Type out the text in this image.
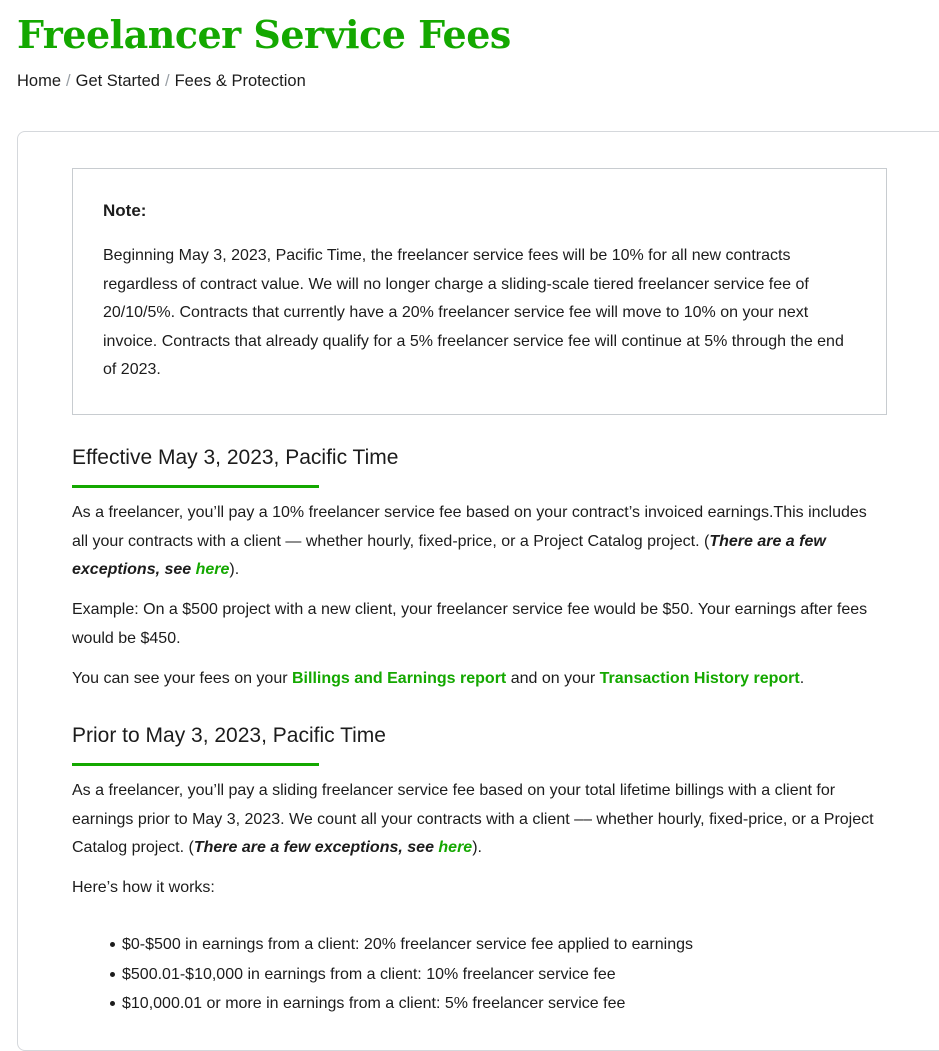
Freelancer Service Fees
Home / Get Started / Fees & Protection

Note:

Beginning May 3, 2023, Pacific Time, the freelancer service fees will be 10% for all new contracts regardless of contract value. We will no longer charge a sliding-scale tiered freelancer service fee of 20/10/5%. Contracts that currently have a 20% freelancer service fee will move to 10% on your next invoice. Contracts that already qualify for a 5% freelancer service fee will continue at 5% through the end of 2023.

Effective May 3, 2023, Pacific Time

As a freelancer, you’ll pay a 10% freelancer service fee based on your contract’s invoiced earnings.This includes all your contracts with a client — whether hourly, fixed-price, or a Project Catalog project. (There are a few exceptions, see here).

Example: On a $500 project with a new client, your freelancer service fee would be $50. Your earnings after fees would be $450.

You can see your fees on your Billings and Earnings report and on your Transaction History report.

Prior to May 3, 2023, Pacific Time

As a freelancer, you’ll pay a sliding freelancer service fee based on your total lifetime billings with a client for earnings prior to May 3, 2023. We count all your contracts with a client –– whether hourly, fixed-price, or a Project Catalog project. (There are a few exceptions, see here).

Here’s how it works:

$0-$500 in earnings from a client: 20% freelancer service fee applied to earnings
$500.01-$10,000 in earnings from a client: 10% freelancer service fee
$10,000.01 or more in earnings from a client: 5% freelancer service fee
